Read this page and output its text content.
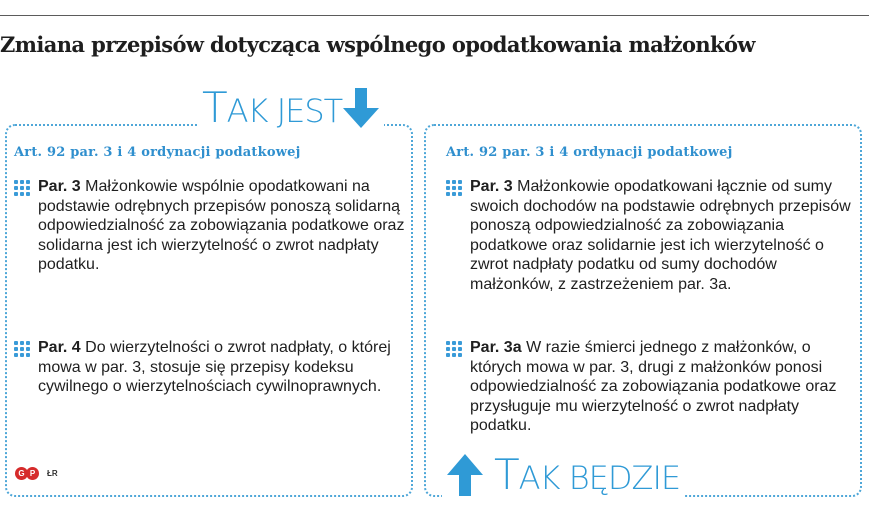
Zmiana przepisów dotycząca wspólnego opodatkowania małżonków
TAK JEST
Art. 92 par. 3 i 4 ordynacji podatkowej	Art. 92 par. 3 i 4 ordynacji podatkowej
Par. 3 Małżonkowie wspólnie opodatkowani na podstawie odrębnych przepisów ponoszą solidarną odpowiedzialność za zobowiązania podatkowe oraz solidarna jest ich wierzytelność o zwrot nadpłaty podatku.
Par. 4 Do wierzytelności o zwrot nadpłaty, o której mowa w par. 3, stosuje się przepisy kodeksu cywilnego o wierzytelnościach cywilnoprawnych.
Par. 3 Małżonkowie opodatkowani łącznie od sumy swoich dochodów na podstawie odrębnych przepisów ponoszą odpowiedzialność za zobowiązania podatkowe oraz solidarnie jest ich wierzytelność o zwrot nadpłaty podatku od sumy dochodów małżonków, z zastrzeżeniem par. 3a.
Par. 3a W razie śmierci jednego z małżonków, o których mowa w par. 3, drugi z małżonków ponosi odpowiedzialność za zobowiązania podatkowe oraz przysługuje mu wierzytelność o zwrot nadpłaty podatku.
TAK BĘDZIE
G P	ŁR
